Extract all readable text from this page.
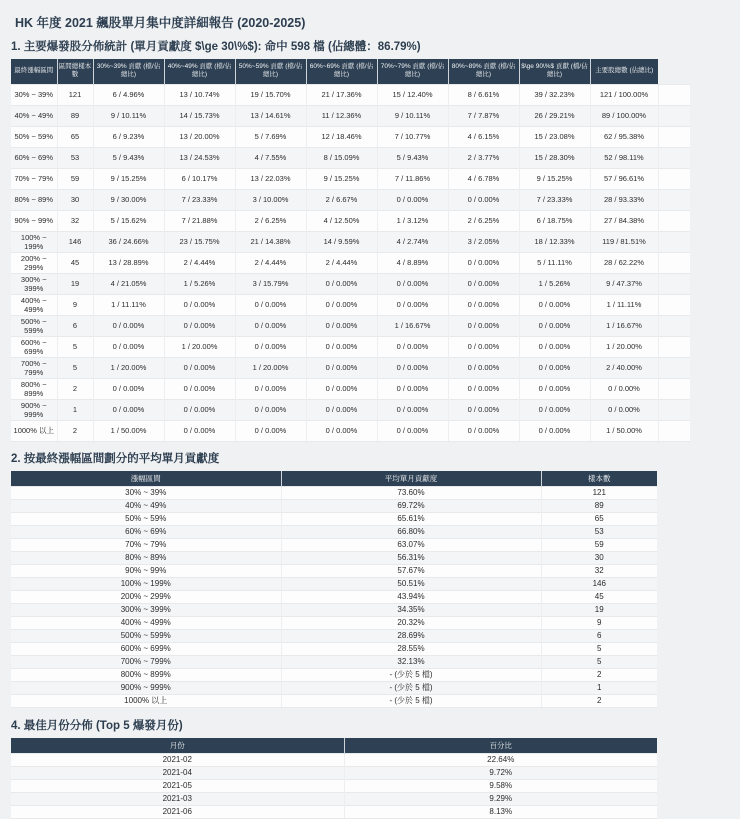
HK 年度 2021 飆股單月集中度詳細報告 (2020-2025)
1. 主要爆發股分佈統計 (單月貢獻度 $\ge 30\%$): 命中 598 檔 (佔總體：86.79%)
最終漲幅區間	區間總樣本數	30%~39% 貢獻 (檔/佔總比)	40%~49% 貢獻 (檔/佔總比)	50%~59% 貢獻 (檔/佔總比)	60%~69% 貢獻 (檔/佔總比)	70%~79% 貢獻 (檔/佔總比)	80%~89% 貢獻 (檔/佔總比)	$\ge 90\%$ 貢獻 (檔/佔總比)	主要股總數 (佔總比)	
30% ~ 39%	121	6 / 4.96%	13 / 10.74%	19 / 15.70%	21 / 17.36%	15 / 12.40%	8 / 6.61%	39 / 32.23%	121 / 100.00%	
40% ~ 49%	89	9 / 10.11%	14 / 15.73%	13 / 14.61%	11 / 12.36%	9 / 10.11%	7 / 7.87%	26 / 29.21%	89 / 100.00%	
50% ~ 59%	65	6 / 9.23%	13 / 20.00%	5 / 7.69%	12 / 18.46%	7 / 10.77%	4 / 6.15%	15 / 23.08%	62 / 95.38%	
60% ~ 69%	53	5 / 9.43%	13 / 24.53%	4 / 7.55%	8 / 15.09%	5 / 9.43%	2 / 3.77%	15 / 28.30%	52 / 98.11%	
70% ~ 79%	59	9 / 15.25%	6 / 10.17%	13 / 22.03%	9 / 15.25%	7 / 11.86%	4 / 6.78%	9 / 15.25%	57 / 96.61%	
80% ~ 89%	30	9 / 30.00%	7 / 23.33%	3 / 10.00%	2 / 6.67%	0 / 0.00%	0 / 0.00%	7 / 23.33%	28 / 93.33%	
90% ~ 99%	32	5 / 15.62%	7 / 21.88%	2 / 6.25%	4 / 12.50%	1 / 3.12%	2 / 6.25%	6 / 18.75%	27 / 84.38%	
100% ~ 199%	146	36 / 24.66%	23 / 15.75%	21 / 14.38%	14 / 9.59%	4 / 2.74%	3 / 2.05%	18 / 12.33%	119 / 81.51%	
200% ~ 299%	45	13 / 28.89%	2 / 4.44%	2 / 4.44%	2 / 4.44%	4 / 8.89%	0 / 0.00%	5 / 11.11%	28 / 62.22%	
300% ~ 399%	19	4 / 21.05%	1 / 5.26%	3 / 15.79%	0 / 0.00%	0 / 0.00%	0 / 0.00%	1 / 5.26%	9 / 47.37%	
400% ~ 499%	9	1 / 11.11%	0 / 0.00%	0 / 0.00%	0 / 0.00%	0 / 0.00%	0 / 0.00%	0 / 0.00%	1 / 11.11%	
500% ~ 599%	6	0 / 0.00%	0 / 0.00%	0 / 0.00%	0 / 0.00%	1 / 16.67%	0 / 0.00%	0 / 0.00%	1 / 16.67%	
600% ~ 699%	5	0 / 0.00%	1 / 20.00%	0 / 0.00%	0 / 0.00%	0 / 0.00%	0 / 0.00%	0 / 0.00%	1 / 20.00%	
700% ~ 799%	5	1 / 20.00%	0 / 0.00%	1 / 20.00%	0 / 0.00%	0 / 0.00%	0 / 0.00%	0 / 0.00%	2 / 40.00%	
800% ~ 899%	2	0 / 0.00%	0 / 0.00%	0 / 0.00%	0 / 0.00%	0 / 0.00%	0 / 0.00%	0 / 0.00%	0 / 0.00%	
900% ~ 999%	1	0 / 0.00%	0 / 0.00%	0 / 0.00%	0 / 0.00%	0 / 0.00%	0 / 0.00%	0 / 0.00%	0 / 0.00%	
1000% 以上	2	1 / 50.00%	0 / 0.00%	0 / 0.00%	0 / 0.00%	0 / 0.00%	0 / 0.00%	0 / 0.00%	1 / 50.00%	
2. 按最終漲幅區間劃分的平均單月貢獻度
漲幅區間	平均單月貢獻度	樣本數
30% ~ 39%	73.60%	121
40% ~ 49%	69.72%	89
50% ~ 59%	65.61%	65
60% ~ 69%	66.80%	53
70% ~ 79%	63.07%	59
80% ~ 89%	56.31%	30
90% ~ 99%	57.67%	32
100% ~ 199%	50.51%	146
200% ~ 299%	43.94%	45
300% ~ 399%	34.35%	19
400% ~ 499%	20.32%	9
500% ~ 599%	28.69%	6
600% ~ 699%	28.55%	5
700% ~ 799%	32.13%	5
800% ~ 899%	- (少於 5 檔)	2
900% ~ 999%	- (少於 5 檔)	1
1000% 以上	- (少於 5 檔)	2
4. 最佳月份分佈 (Top 5 爆發月份)
月份	百分比
2021-02	22.64%
2021-04	9.72%
2021-05	9.58%
2021-03	9.29%
2021-06	8.13%
